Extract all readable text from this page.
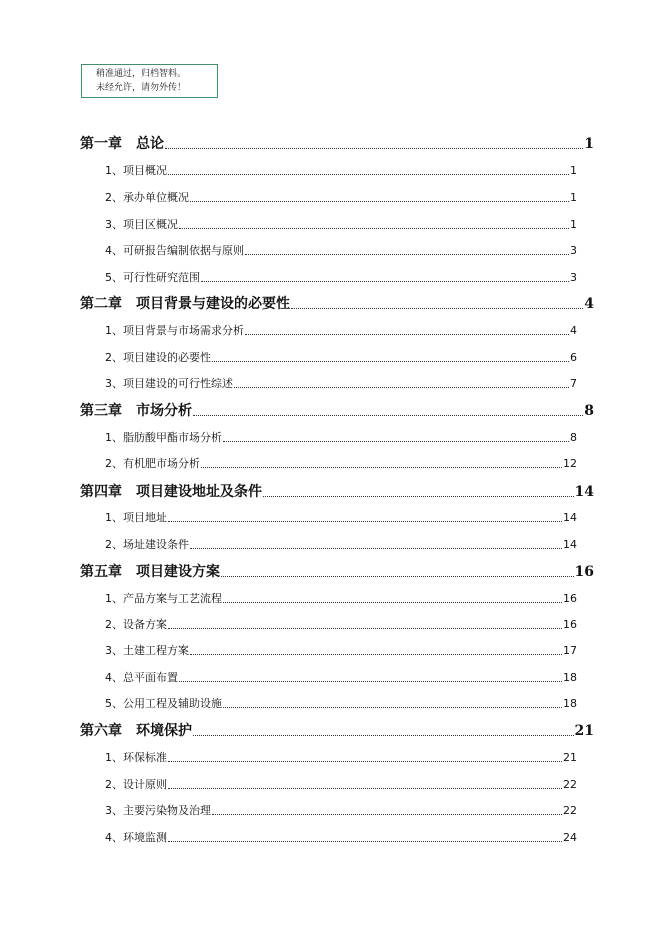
稍准通过，归档智料。
未经允许，请勿外传！
第一章　总论	1
1、项目概况	1
2、承办单位概况	1
3、项目区概况	1
4、可研报告编制依据与原则	3
5、可行性研究范围	3
第二章　项目背景与建设的必要性	4
1、项目背景与市场需求分析	4
2、项目建设的必要性	6
3、项目建设的可行性综述	7
第三章　市场分析	8
1、脂肪酸甲酯市场分析	8
2、有机肥市场分析	12
第四章　项目建设地址及条件	14
1、项目地址	14
2、场址建设条件	14
第五章　项目建设方案	16
1、产品方案与工艺流程	16
2、设备方案	16
3、土建工程方案	17
4、总平面布置	18
5、公用工程及辅助设施	18
第六章　环境保护	21
1、环保标准	21
2、设计原则	22
3、主要污染物及治理	22
4、环境监测	24
